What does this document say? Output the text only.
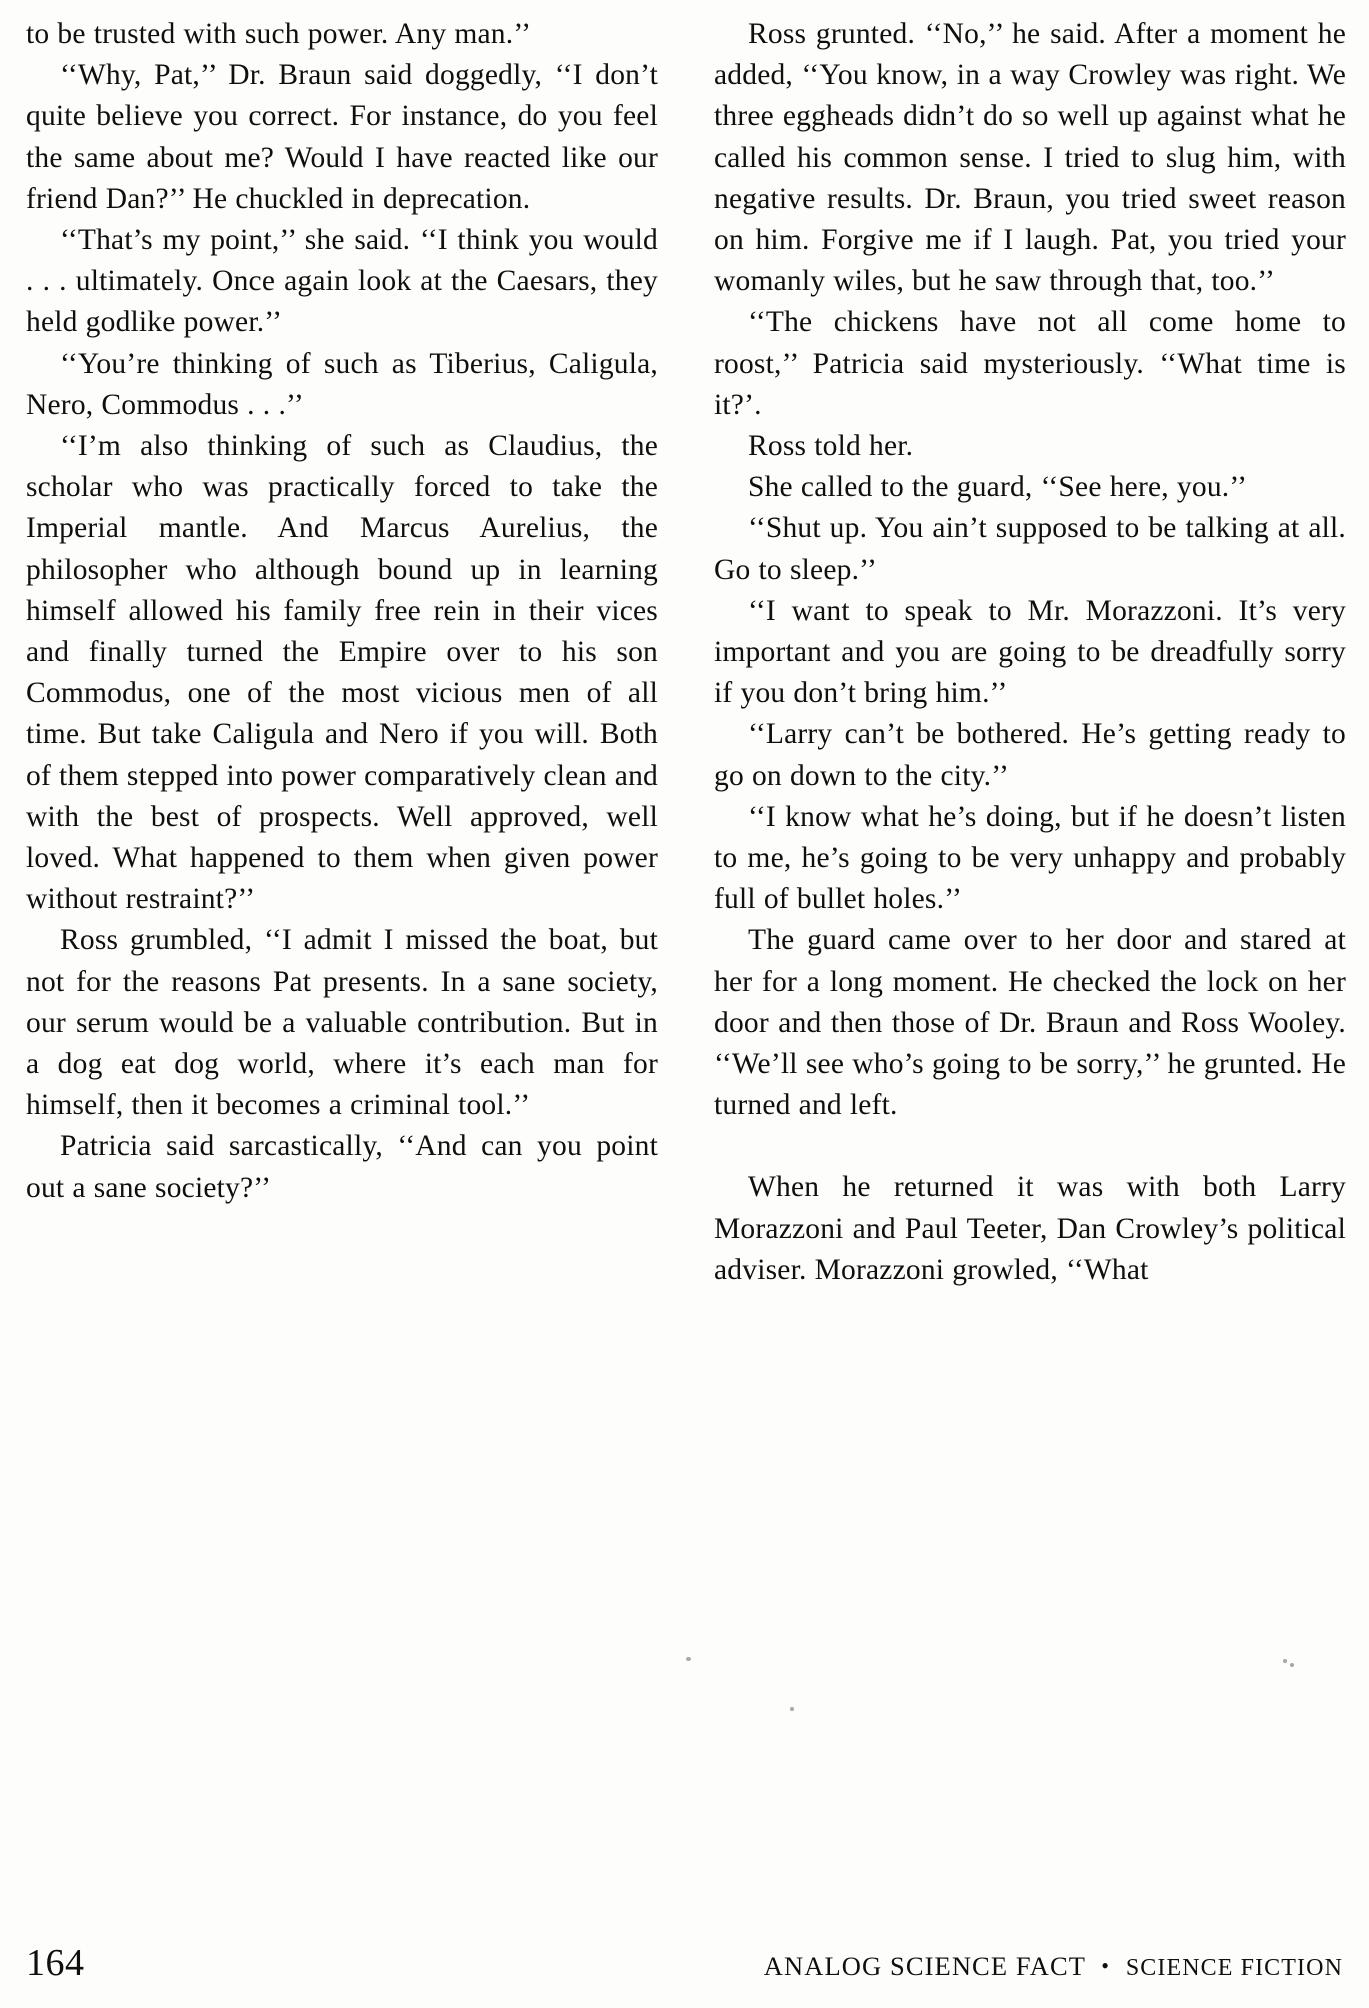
to be trusted with such power. Any man.’’

‘‘Why, Pat,’’ Dr. Braun said doggedly, ‘‘I don’t quite believe you correct. For instance, do you feel the same about me? Would I have reacted like our friend Dan?’’ He chuckled in deprecation.

‘‘That’s my point,’’ she said. ‘‘I think you would . . . ultimately. Once again look at the Caesars, they held godlike power.’’

‘‘You’re thinking of such as Tiberius, Caligula, Nero, Commodus . . .’’

‘‘I’m also thinking of such as Claudius, the scholar who was practically forced to take the Imperial mantle. And Marcus Aurelius, the philosopher who although bound up in learning himself allowed his family free rein in their vices and finally turned the Empire over to his son Commodus, one of the most vicious men of all time. But take Caligula and Nero if you will. Both of them stepped into power comparatively clean and with the best of prospects. Well approved, well loved. What happened to them when given power without restraint?’’

Ross grumbled, ‘‘I admit I missed the boat, but not for the reasons Pat presents. In a sane society, our serum would be a valuable contribution. But in a dog eat dog world, where it’s each man for himself, then it becomes a criminal tool.’’

Patricia said sarcastically, ‘‘And can you point out a sane society?’’

Ross grunted. ‘‘No,’’ he said. After a moment he added, ‘‘You know, in a way Crowley was right. We three eggheads didn’t do so well up against what he called his common sense. I tried to slug him, with negative results. Dr. Braun, you tried sweet reason on him. Forgive me if I laugh. Pat, you tried your womanly wiles, but he saw through that, too.’’

‘‘The chickens have not all come home to roost,’’ Patricia said mysteriously. ‘‘What time is it?’.

Ross told her.

She called to the guard, ‘‘See here, you.’’

‘‘Shut up. You ain’t supposed to be talking at all. Go to sleep.’’

‘‘I want to speak to Mr. Morazzoni. It’s very important and you are going to be dreadfully sorry if you don’t bring him.’’

‘‘Larry can’t be bothered. He’s getting ready to go on down to the city.’’

‘‘I know what he’s doing, but if he doesn’t listen to me, he’s going to be very unhappy and probably full of bullet holes.’’

The guard came over to her door and stared at her for a long moment. He checked the lock on her door and then those of Dr. Braun and Ross Wooley. ‘‘We’ll see who’s going to be sorry,’’ he grunted. He turned and left.

When he returned it was with both Larry Morazzoni and Paul Teeter, Dan Crowley’s political adviser. Morazzoni growled, ‘‘What

164	ANALOG SCIENCE FACT • SCIENCE FICTION
